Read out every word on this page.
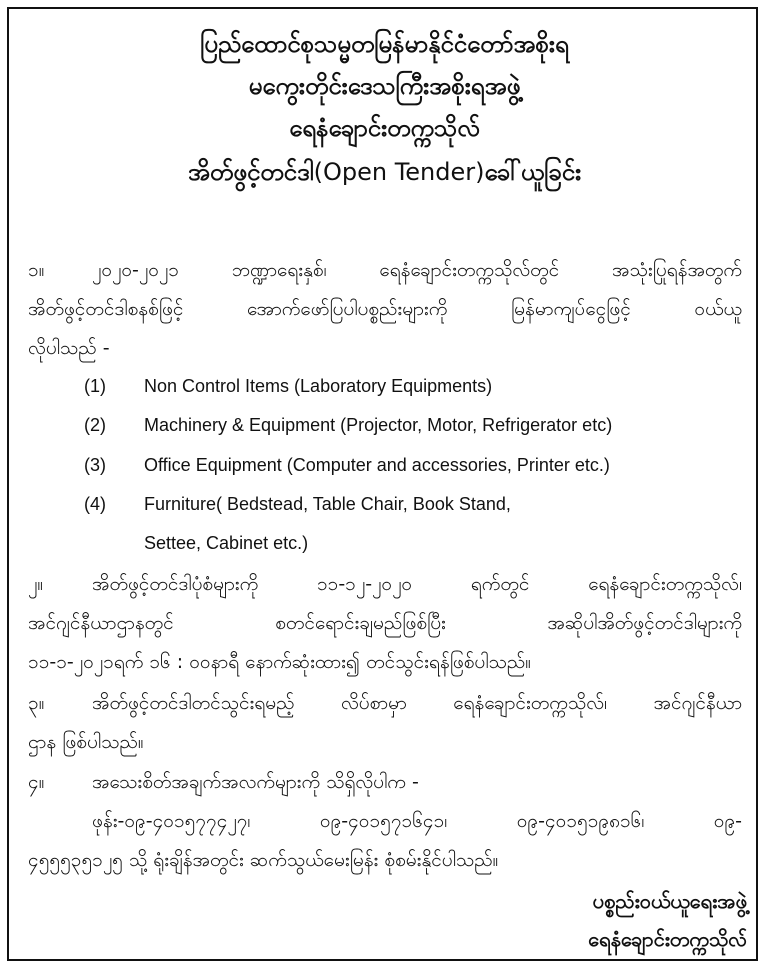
ပြည်ထောင်စုသမ္မတမြန်မာနိုင်ငံတော်အစိုးရ
မကွေးတိုင်းဒေသကြီးအစိုးရအဖွဲ့
ရေနံချောင်းတက္ကသိုလ်
အိတ်ဖွင့်တင်ဒါ(Open Tender)ခေါ်ယူခြင်း
၁။	၂၀၂၀-၂၀၂၁	ဘဏ္ဍာရေးနှစ်၊	ရေနံချောင်းတက္ကသိုလ်တွင်	အသုံးပြုရန်အတွက်
အိတ်ဖွင့်တင်ဒါစနစ်ဖြင့်	အောက်ဖော်ပြပါပစ္စည်းများကို	မြန်မာကျပ်ငွေဖြင့်	ဝယ်ယူ
လိုပါသည် -
(1) Non Control Items (Laboratory Equipments)
(2) Machinery & Equipment (Projector, Motor, Refrigerator etc)
(3) Office Equipment (Computer and accessories, Printer etc.)
(4) Furniture( Bedstead, Table Chair, Book Stand,
Settee, Cabinet etc.)
၂။	အိတ်ဖွင့်တင်ဒါပုံစံများကို	၁၁-၁၂-၂၀၂၀	ရက်တွင်	ရေနံချောင်းတက္ကသိုလ်၊
အင်ဂျင်နီယာဌာနတွင်	စတင်ရောင်းချမည်ဖြစ်ပြီး	အဆိုပါအိတ်ဖွင့်တင်ဒါများကို
၁၁-၁-၂၀၂၁ရက် ၁၆ : ၀၀နာရီ နောက်ဆုံးထား၍ တင်သွင်းရန်ဖြစ်ပါသည်။
၃။	အိတ်ဖွင့်တင်ဒါတင်သွင်းရမည့် လိပ်စာမှာ ရေနံချောင်းတက္ကသိုလ်၊ အင်ဂျင်နီယာ
ဌာန ဖြစ်ပါသည်။
၄။	အသေးစိတ်အချက်အလက်များကို သိရှိလိုပါက -
ဖုန်း-၀၉-၄၀၁၅၇၇၄၂၇၊	၀၉-၄၀၁၅၇၁၆၄၁၊	၀၉-၄၀၁၅၁၉၈၁၆၊	၀၉-
၄၅၅၅၃၅၁၂၅ သို့ ရုံးချိန်အတွင်း ဆက်သွယ်မေးမြန်း စုံစမ်းနိုင်ပါသည်။
ပစ္စည်းဝယ်ယူရေးအဖွဲ့
ရေနံချောင်းတက္ကသိုလ်
